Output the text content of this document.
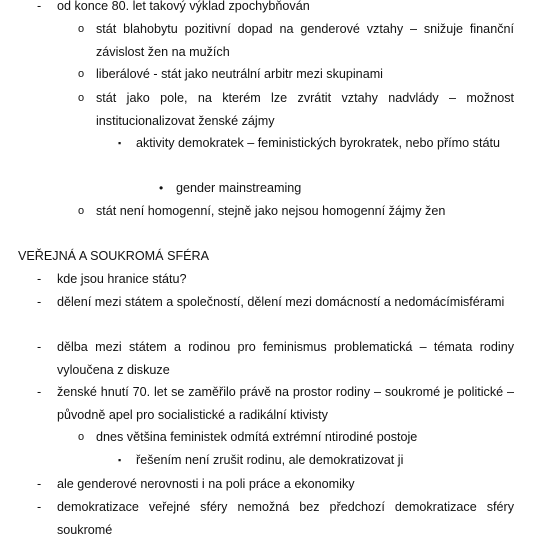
- od konce 80. let takový výklad zpochybňován
o stát blahobytu pozitivní dopad na genderové vztahy – snižuje finanční závislost žen na mužích
o liberálové - stát jako neutrální arbitr mezi skupinami
o stát jako pole, na kterém lze zvrátit vztahy nadvlády – možnost institucionalizovat ženské zájmy
▪ aktivity demokratek – feministických byrokratek, nebo přímo státu
• gender mainstreaming
o stát není homogenní, stejně jako nejsou homogenní žájmy žen
VEŘEJNÁ A SOUKROMÁ SFÉRA
- kde jsou hranice státu?
- dělení mezi státem a společností, dělení mezi domácností a nedomácímisférami
- dělba mezi státem a rodinou pro feminismus problematická – témata rodiny vyloučena z diskuze
- ženské hnutí 70. let se zaměřilo právě na prostor rodiny – soukromé je politické – původně apel pro socialistické a radikální ktivisty
o dnes většina feministek odmítá extrémní ntirodiné postoje
▪ řešením není zrušit rodinu, ale demokratizovat ji
- ale genderové nerovnosti i na poli práce a ekonomiky
- demokratizace veřejné sféry nemožná bez předchozí demokratizace sféry soukromé
